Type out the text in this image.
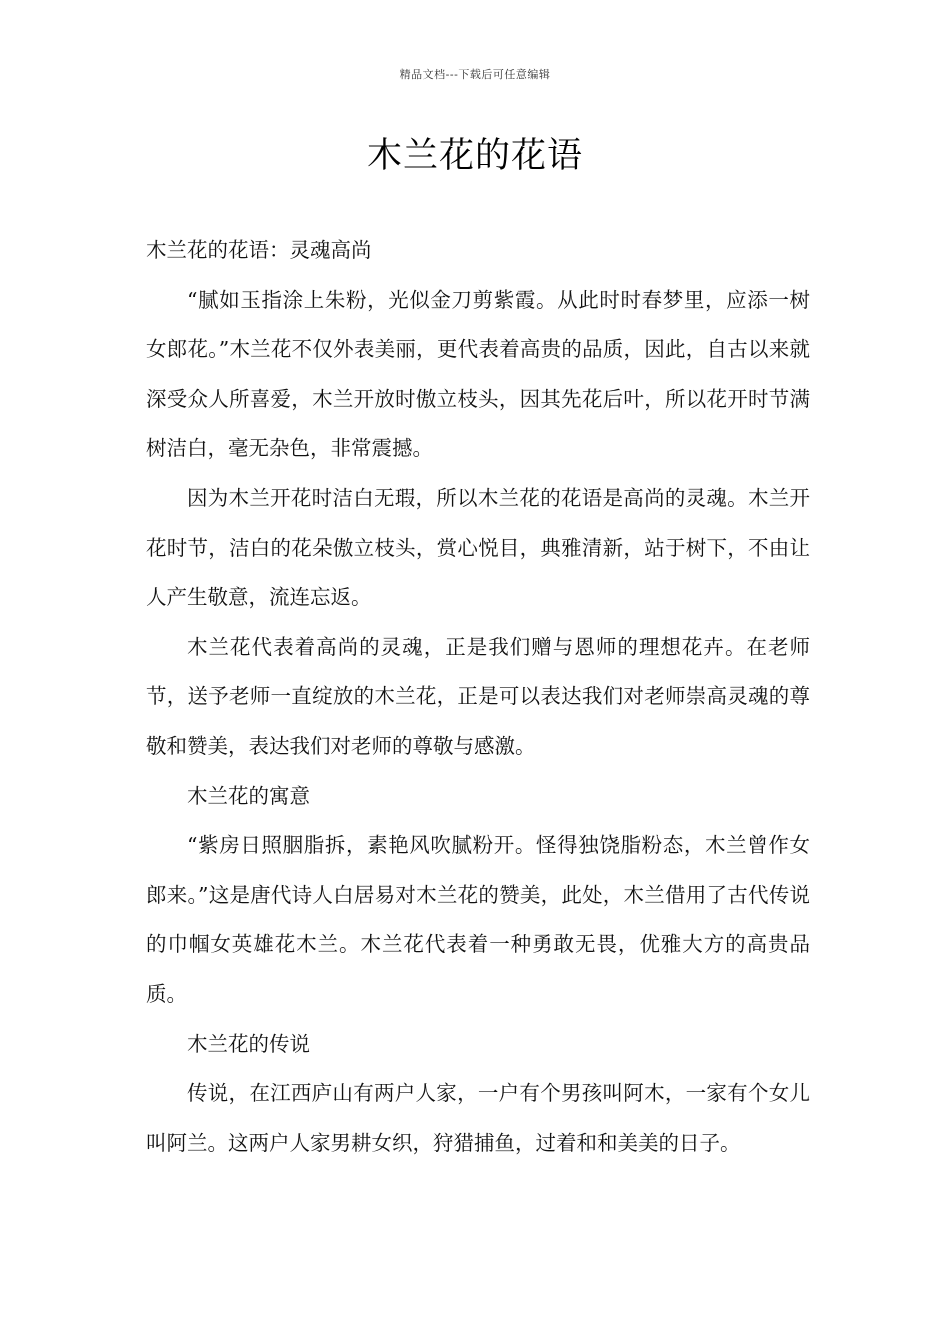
精品文档---下载后可任意编辑
木兰花的花语

木兰花的花语：灵魂高尚

“腻如玉指涂上朱粉，光似金刀剪紫霞。从此时时春梦里，应添一树女郎花。”木兰花不仅外表美丽，更代表着高贵的品质，因此，自古以来就深受众人所喜爱，木兰开放时傲立枝头，因其先花后叶，所以花开时节满树洁白，毫无杂色，非常震撼。

因为木兰开花时洁白无瑕，所以木兰花的花语是高尚的灵魂。木兰开花时节，洁白的花朵傲立枝头，赏心悦目，典雅清新，站于树下，不由让人产生敬意，流连忘返。

木兰花代表着高尚的灵魂，正是我们赠与恩师的理想花卉。在老师节，送予老师一直绽放的木兰花，正是可以表达我们对老师崇高灵魂的尊敬和赞美，表达我们对老师的尊敬与感激。

木兰花的寓意

“紫房日照胭脂拆，素艳风吹腻粉开。怪得独饶脂粉态，木兰曾作女郎来。”这是唐代诗人白居易对木兰花的赞美，此处，木兰借用了古代传说的巾帼女英雄花木兰。木兰花代表着一种勇敢无畏，优雅大方的高贵品质。

木兰花的传说

传说，在江西庐山有两户人家，一户有个男孩叫阿木，一家有个女儿叫阿兰。这两户人家男耕女织，狩猎捕鱼，过着和和美美的日子。
